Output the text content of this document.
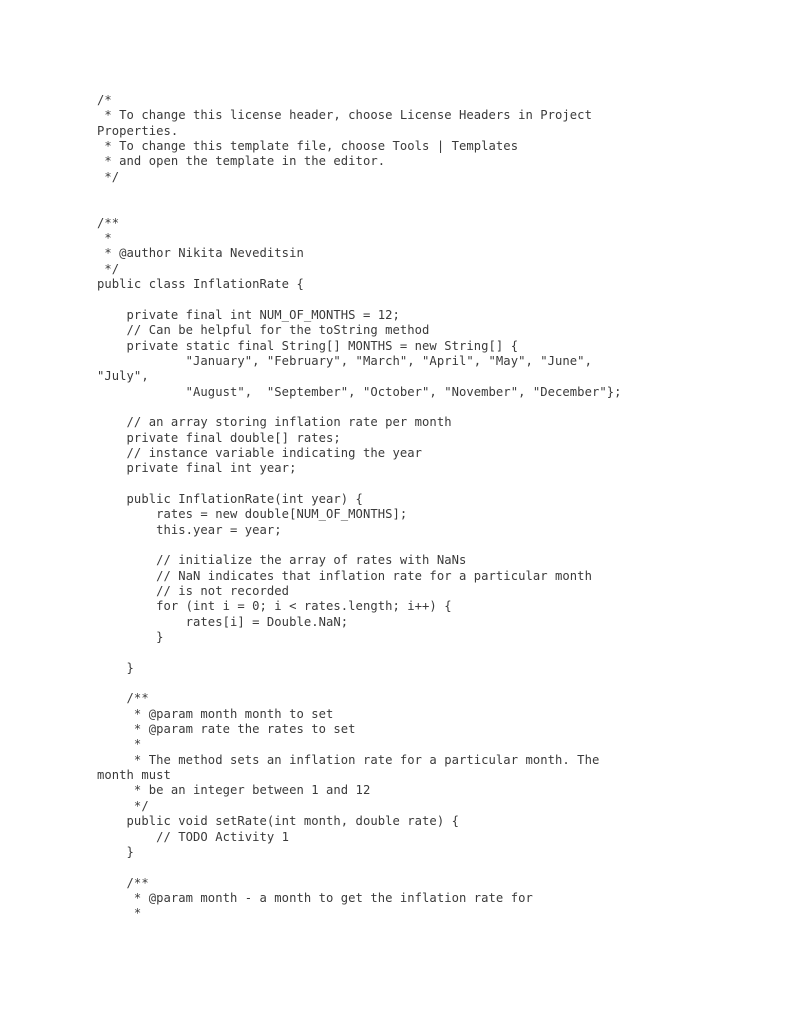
/*
* To change this license header, choose License Headers in Project
Properties.
* To change this template file, choose Tools | Templates
* and open the template in the editor.
*/
/**
*
* @author Nikita Neveditsin
*/
public class InflationRate {
private final int NUM_OF_MONTHS = 12;
// Can be helpful for the toString method
private static final String[] MONTHS = new String[] {
"January", "February", "March", "April", "May", "June",
"July",
"August",  "September", "October", "November", "December"};
// an array storing inflation rate per month
private final double[] rates;
// instance variable indicating the year
private final int year;
public InflationRate(int year) {
rates = new double[NUM_OF_MONTHS];
this.year = year;
// initialize the array of rates with NaNs
// NaN indicates that inflation rate for a particular month
// is not recorded
for (int i = 0; i < rates.length; i++) {
rates[i] = Double.NaN;
}
}
/**
* @param month month to set
* @param rate the rates to set
*
* The method sets an inflation rate for a particular month. The
month must
* be an integer between 1 and 12
*/
public void setRate(int month, double rate) {
// TODO Activity 1
}
/**
* @param month - a month to get the inflation rate for
*
